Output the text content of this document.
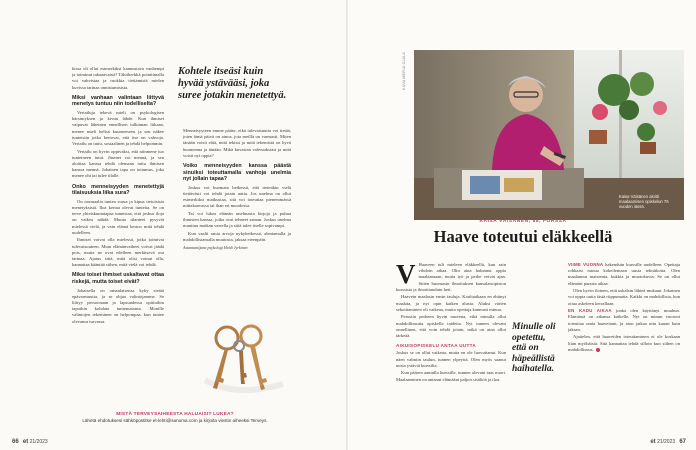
kissa oli ollut esimerkiksi kannustava vanhempi ja toiminut takaaavaisti? Tähtiherkkä pointtimalla voi vahvistaa ja ruokkia tiettämistä mielen kuvissa tarinaa onnistumisista.

Miksi vanhaan valintaan liittyvä menetys tuntuu niin todelliselta?

Vertailuja tekevä mieli on psykologisen kärsimyksen ja kivun lähde. Kun ihmiset vaipuvat läheinen ennellisen tulkinnan liikaan, menee mieli helisä kuumeeseen ja sen näkee tunteisiin jotka kertovat, että itse on vahvoja. Vertailu on tuttu, sosiaalinen ja tehdä helpommin.

Vertailu on hyvin oppivaksi, että niinmene tuo tunteineen tutut. Jäsenet voi mennä, ja sen aloittaa kanssa tehdä olemaan tuttu ihmisen kanssa mennä. Jokainen tapa on tottumus, joka menee ohi tai tulee tilalle.

Onko menneisyyden menetettyjä tilaisuuksia liika sura?

On normaalia tuntea surua ja kipua tietoisista menetyksistä. Iloa kertaa olevat tunteita. Se on terve yhteiskuntatapaa tunnistaa, että joskus iloja on vaikea nähdä. Muuta tilanteet pysyvät mielessä vielä, ja vain elämä kertoo mitä tehdä uudelleen.

Ihmiset voivat olla mielessä, jotka toimivat tulevaisuuteen. Muut elämänvaiheet voivat jäädä pois, mutta ne ovat edelleen merkitsevä osa tarinaa. Ajatus siitä, mitä olisi voinut olla, kannattaa kääntää siihen, mitä vielä voi tehdä.

Miksi toiset ihmiset uskaltavat ottaa riskejä, mutta toiset eivät?

Jokaisella on omanlaisensa kyky sietää epävarmuutta, ja se ohjaa valintojamme. Se liittyy persoonaan ja lapsuudessa opittuihin tapoihin kohdata tuntematonta. Monille valintojen tekeminen on helpompaa, kun tuntee olevansa turvassa.

Kohtele itseäsi kuin hyvää ystävääsi, joka suree jotakin menetettyä.

Menneisyyteen emme pääse, eikä tulevaisuutta voi tietää, joten tämä päivä on ainoa, jota meillä on varmasti. Miten tänään voisit elää, mitä tekisit ja mitä tekemistä on hyvä huomenna ja tänään. Mikä kuvastaa vahvuuksiasi ja mitä voisit nyt oppia?

Voiko menneisyyden kanssa päästä sinuiksi toteuttamalla vanhoja unelmia nyt jollain tapaa?

Joskus voi huomata hetkessä, että tietenkin vielä tiettävästi voi tehdä jotain uutta. Jos unelma on ollut esimerkiksi matkustaa, sitä voi toteuttaa pienemmässä mittakaavassa tai ihan eri muodossa.

Tai voi lukea elämän unelmasta kirjoja ja puhua ihmisten kanssa, jotka ovat tehneet saman. Joskus unelma muuttuu matkan varrella ja siitä tulee itselle sopivampi.

Kun vaalii omia arvoja nykyhetkessä, alentamalla ja mahdollistamalla muutosta, jaksaa eteenpäin.

Asiantuntijana psykologi Heidi Jyrkinen

MISTÄ TERVEYSAIHEESTA HALUAISIT LUKEA?
Lähetä ehdotuksesi sähköpostitse et-lehti@sanoma.com ja kirjoita viestin aiheeksi Terveys.
66 et 21/2023
KUVA MERJA OJALA
Kaisa Väisänen aloitti maalaamisen opiskelun 76 vuoden iässä.
KAISA VÄISÄNEN, 88, FORSSA
Haave toteutui eläkkeellä

V Haaveen tuli mieleen eläkkeellä, kun sain vihdoin aikaa. Olin aina halunnut oppia maalaamaan, mutta työ ja perhe veivät ajan. Sitten huomasin ilmoituksen kansalaisopiston kurssista ja ilmoittauduin heti.

Haavein maalasin ensin tauluja. Kouluaikaan en ehtinyt maalata, ja nyt opin kaiken alusta. Aluksi värien sekoittaminen oli vaikeaa, mutta opettaja kannusti minua.

Perustin perheen hyvin nuorena, eikä minulla ollut mahdollisuutta opiskella taidetta. Nyt tunnen olevani onnellinen, että voin tehdä jotain, mikä on aina ollut tärkeää.

AIKUISOPISKELU ANTAA UUTTA

Joskus se on ollut vaikeaa, mutta en ole luovuttanut. Kun näen valmiin taulun, tunnen ylpeyttä. Olen myös saanut uusia ystäviä kurssilta.

Kun pääsen aamulla kurssille, tunnen olevani taas nuori. Maalaaminen on antanut elämääni paljon sisältöä ja iloa.

Minulle oli opetettu, että on häpeällistä haihatella.

VIIME VUONNA hakeuduin kurssille uudelleen. Opettaja rohkaisi minua kokeilemaan uusia tekniikoita. Olen maalannut maisemia, kukkia ja muotokuvia. Se on ollut elämäni parasta aikaa.

Olen hyvin iloinen, että uskalsin lähteä mukaan. Jokainen voi oppia uutta iästä riippumatta. Kaikki on mahdollista, kun ottaa askeleen kerrallaan.

EN KADU AIKAA jonka olen käyttänyt muuhun. Elämässä on aikansa kaikelle. Nyt on minun vuoroni toteuttaa omia haaveitani, ja aion jatkaa niin kauan kuin jaksan.

Ajattelen, että haaveiden toteuttaminen ei ole koskaan liian myöhäistä. Sitä kannattaa tehdä silloin kun siihen on mahdollisuus.

et 21/2023 67
